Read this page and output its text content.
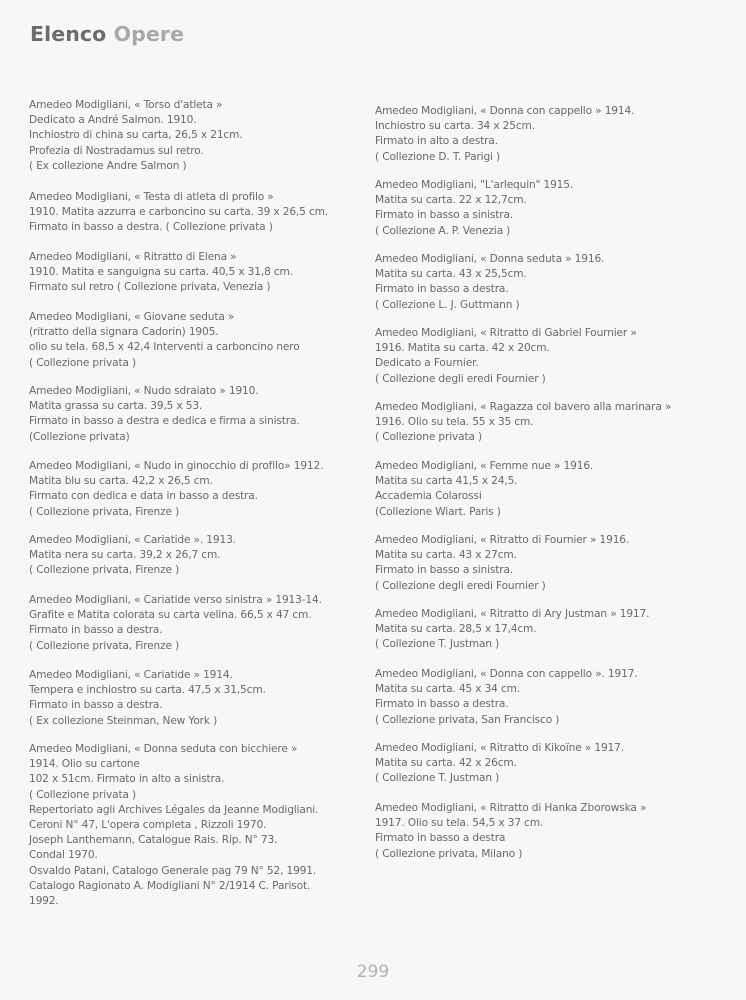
Elenco Opere
Amedeo Modigliani, « Torso d'atleta »
Dedicato a André Salmon. 1910.
Inchiostro di china su carta, 26,5 x 21cm.
Profezia di Nostradamus sul retro.
( Ex collezione Andre Salmon )
Amedeo Modigliani, « Testa di atleta di profilo »
1910. Matita azzurra e carboncino su carta. 39 x 26,5 cm.
Firmato in basso a destra. ( Collezione privata )
Amedeo Modigliani, « Ritratto di Elena »
1910. Matita e sanguigna su carta. 40,5 x 31,8 cm.
Firmato sul retro ( Collezione privata, Venezia )
Amedeo Modigliani, « Giovane seduta »
(ritratto della signara Cadorin) 1905.
olio su tela. 68,5 x 42,4 Interventi a carboncino nero
( Collezione privata )
Amedeo Modigliani, « Nudo sdraiato » 1910.
Matita grassa su carta. 39,5 x 53.
Firmato in basso a destra e dedica e firma a sinistra.
(Collezione privata)
Amedeo Modigliani, « Nudo in ginocchio di profilo» 1912.
Matita blu su carta. 42,2 x 26,5 cm.
Firmato con dedica e data in basso a destra.
( Collezione privata, Firenze )
Amedeo Modigliani, « Cariatide ». 1913.
Matita nera su carta. 39,2 x 26,7 cm.
( Collezione privata, Firenze )
Amedeo Modigliani, « Cariatide verso sinistra » 1913-14.
Grafite e Matita colorata su carta velina. 66,5 x 47 cm.
Firmato in basso a destra.
( Collezione privata, Firenze )
Amedeo Modigliani, « Cariatide » 1914.
Tempera e inchiostro su carta. 47,5 x 31,5cm.
Firmato in basso a destra.
( Ex collezione Steinman, New York )
Amedeo Modigliani, « Donna seduta con bicchiere »
1914. Olio su cartone
102 x 51cm. Firmato in alto a sinistra.
( Collezione privata )
Repertoriato agli Archives Légales da Jeanne Modigliani.
Ceroni N° 47, L'opera completa , Rizzoli 1970.
Joseph Lanthemann, Catalogue Rais. Rip. N° 73.
Condal 1970.
Osvaldo Patani, Catalogo Generale pag 79 N° 52, 1991.
Catalogo Ragionato A. Modigliani N° 2/1914 C. Parisot.
1992.
Amedeo Modigliani, « Donna con cappello » 1914.
Inchiostro su carta. 34 x 25cm.
Firmato in alto a destra.
( Collezione D. T. Parigi )
Amedeo Modigliani, "L'arlequin" 1915.
Matita su carta. 22 x 12,7cm.
Firmato in basso a sinistra.
( Collezione A. P. Venezia )
Amedeo Modigliani, « Donna seduta » 1916.
Matita su carta. 43 x 25,5cm.
Firmato in basso a destra.
( Collezione L. J. Guttmann )
Amedeo Modigliani, « Ritratto di Gabriel Fournier »
1916. Matita su carta. 42 x 20cm.
Dedicato a Fournier.
( Collezione degli eredi Fournier )
Amedeo Modigliani, « Ragazza col bavero alla marinara »
1916. Olio su tela. 55 x 35 cm.
( Collezione privata )
Amedeo Modigliani, « Femme nue » 1916.
Matita su carta 41,5 x 24,5.
Accademia Colarossi
(Collezione Wiart. Paris )
Amedeo Modigliani, « Ritratto di Fournier » 1916.
Matita su carta. 43 x 27cm.
Firmato in basso a sinistra.
( Collezione degli eredi Fournier )
Amedeo Modigliani, « Ritratto di Ary Justman » 1917.
Matita su carta. 28,5 x 17,4cm.
( Collezione T. Justman )
Amedeo Modigliani, « Donna con cappello ». 1917.
Matita su carta. 45 x 34 cm.
Firmato in basso a destra.
( Collezione privata, San Francisco )
Amedeo Modigliani, « Ritratto di Kikoïne » 1917.
Matita su carta. 42 x 26cm.
( Collezione T. Justman )
Amedeo Modigliani, « Ritratto di Hanka Zborowska »
1917. Olio su tela. 54,5 x 37 cm.
Firmato in basso a destra
( Collezione privata, Milano )
299
